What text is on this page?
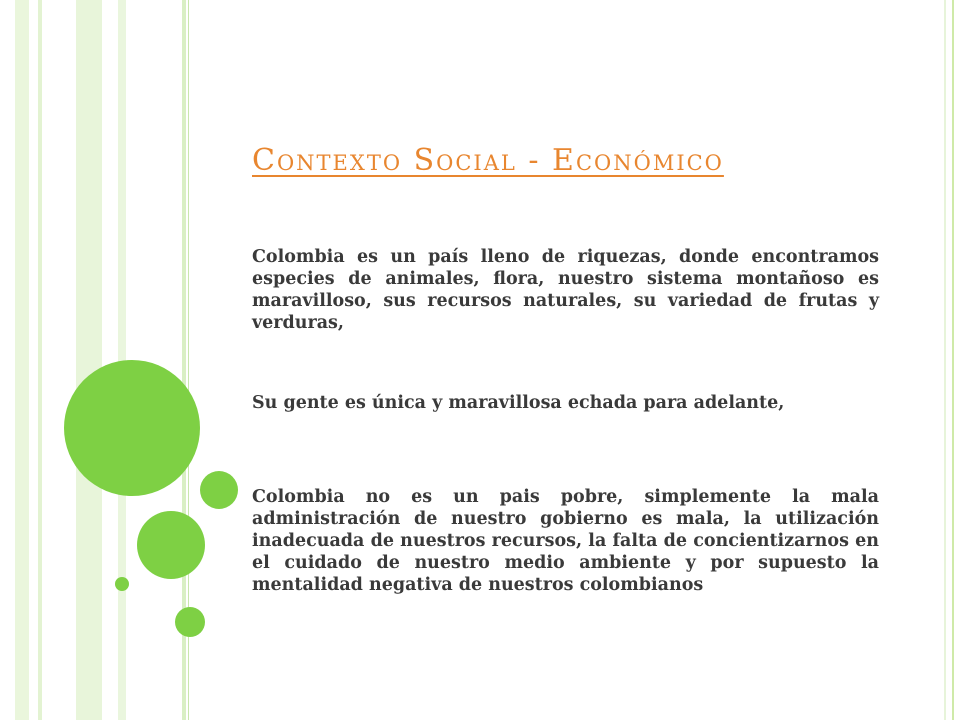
Contexto Social - Económico

Colombia es un país lleno de riquezas, donde encontramos especies de animales, flora, nuestro sistema montañoso es maravilloso, sus recursos naturales, su variedad de frutas y verduras,

Su gente es única y maravillosa echada para adelante,

Colombia no es un pais pobre, simplemente la mala administración de nuestro gobierno es mala, la utilización inadecuada de nuestros recursos, la falta de concientizarnos en el cuidado de nuestro medio ambiente y por supuesto la mentalidad negativa de nuestros colombianos
